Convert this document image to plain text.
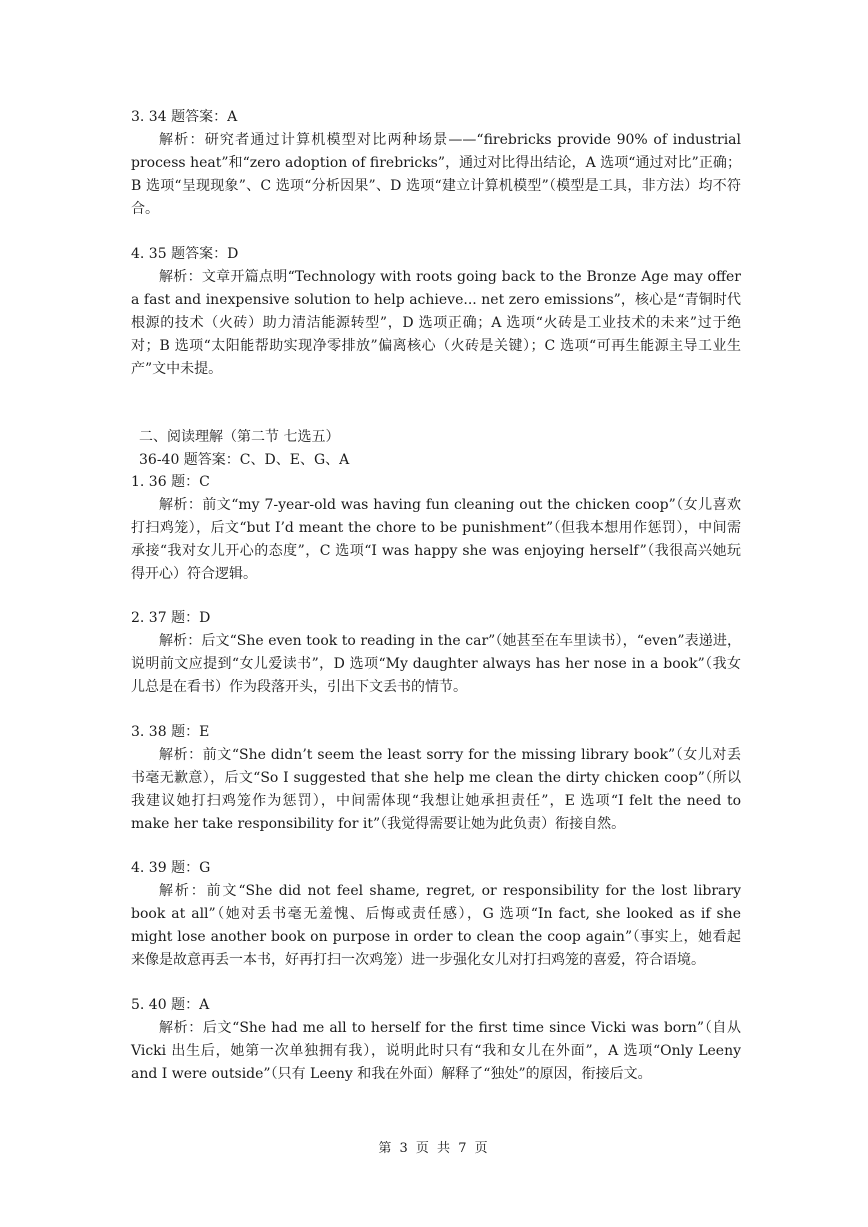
3. 34 题答案：A

解析：研究者通过计算机模型对比两种场景——“firebricks provide 90% of industrial process heat”和“zero adoption of firebricks”，通过对比得出结论，A 选项“通过对比”正确；B 选项“呈现现象”、C 选项“分析因果”、D 选项“建立计算机模型”（模型是工具，非方法）均不符合。

4. 35 题答案：D

解析：文章开篇点明“Technology with roots going back to the Bronze Age may offer a fast and inexpensive solution to help achieve... net zero emissions”，核心是“青铜时代根源的技术（火砖）助力清洁能源转型”，D 选项正确；A 选项“火砖是工业技术的未来”过于绝对；B 选项“太阳能帮助实现净零排放”偏离核心（火砖是关键）；C 选项“可再生能源主导工业生产”文中未提。

二、阅读理解（第二节 七选五）
36-40 题答案：C、D、E、G、A
1. 36 题：C

解析：前文“my 7-year-old was having fun cleaning out the chicken coop”（女儿喜欢打扫鸡笼），后文“but I’d meant the chore to be punishment”（但我本想用作惩罚），中间需承接“我对女儿开心的态度”，C 选项“I was happy she was enjoying herself”（我很高兴她玩得开心）符合逻辑。

2. 37 题：D

解析：后文“She even took to reading in the car”（她甚至在车里读书），“even”表递进，说明前文应提到“女儿爱读书”，D 选项“My daughter always has her nose in a book”（我女儿总是在看书）作为段落开头，引出下文丢书的情节。

3. 38 题：E

解析：前文“She didn’t seem the least sorry for the missing library book”（女儿对丢书毫无歉意），后文“So I suggested that she help me clean the dirty chicken coop”（所以我建议她打扫鸡笼作为惩罚），中间需体现“我想让她承担责任”，E 选项“I felt the need to make her take responsibility for it”（我觉得需要让她为此负责）衔接自然。

4. 39 题：G

解析：前文“She did not feel shame, regret, or responsibility for the lost library book at all”（她对丢书毫无羞愧、后悔或责任感），G 选项“In fact, she looked as if she might lose another book on purpose in order to clean the coop again”（事实上，她看起来像是故意再丢一本书，好再打扫一次鸡笼）进一步强化女儿对打扫鸡笼的喜爱，符合语境。

5. 40 题：A

解析：后文“She had me all to herself for the first time since Vicki was born”（自从 Vicki 出生后，她第一次单独拥有我），说明此时只有“我和女儿在外面”，A 选项“Only Leeny and I were outside”（只有 Leeny 和我在外面）解释了“独处”的原因，衔接后文。

第 3 页 共 7 页
